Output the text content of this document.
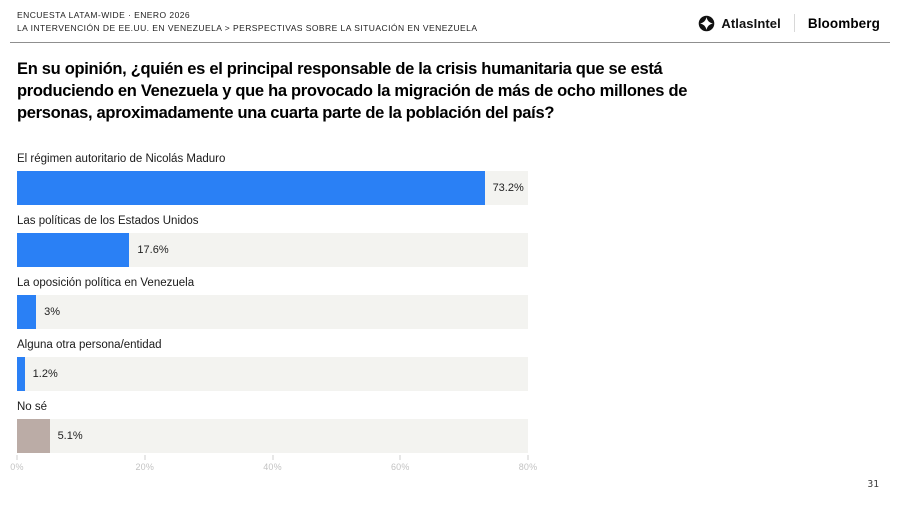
ENCUESTA LATAM-WIDE · ENERO 2026
LA INTERVENCIÓN DE EE.UU. EN VENEZUELA > PERSPECTIVAS SOBRE LA SITUACIÓN EN VENEZUELA	AtlasIntel Bloomberg
En su opinión, ¿quién es el principal responsable de la crisis humanitaria que se está
produciendo en Venezuela y que ha provocado la migración de más de ocho millones de
personas, aproximadamente una cuarta parte de la población del país?
El régimen autoritario de Nicolás Maduro
73.2%
Las políticas de los Estados Unidos
17.6%
La oposición política en Venezuela
3%
Alguna otra persona/entidad
1.2%
No sé
5.1%
0%	20%	40%	60%	80%
31
